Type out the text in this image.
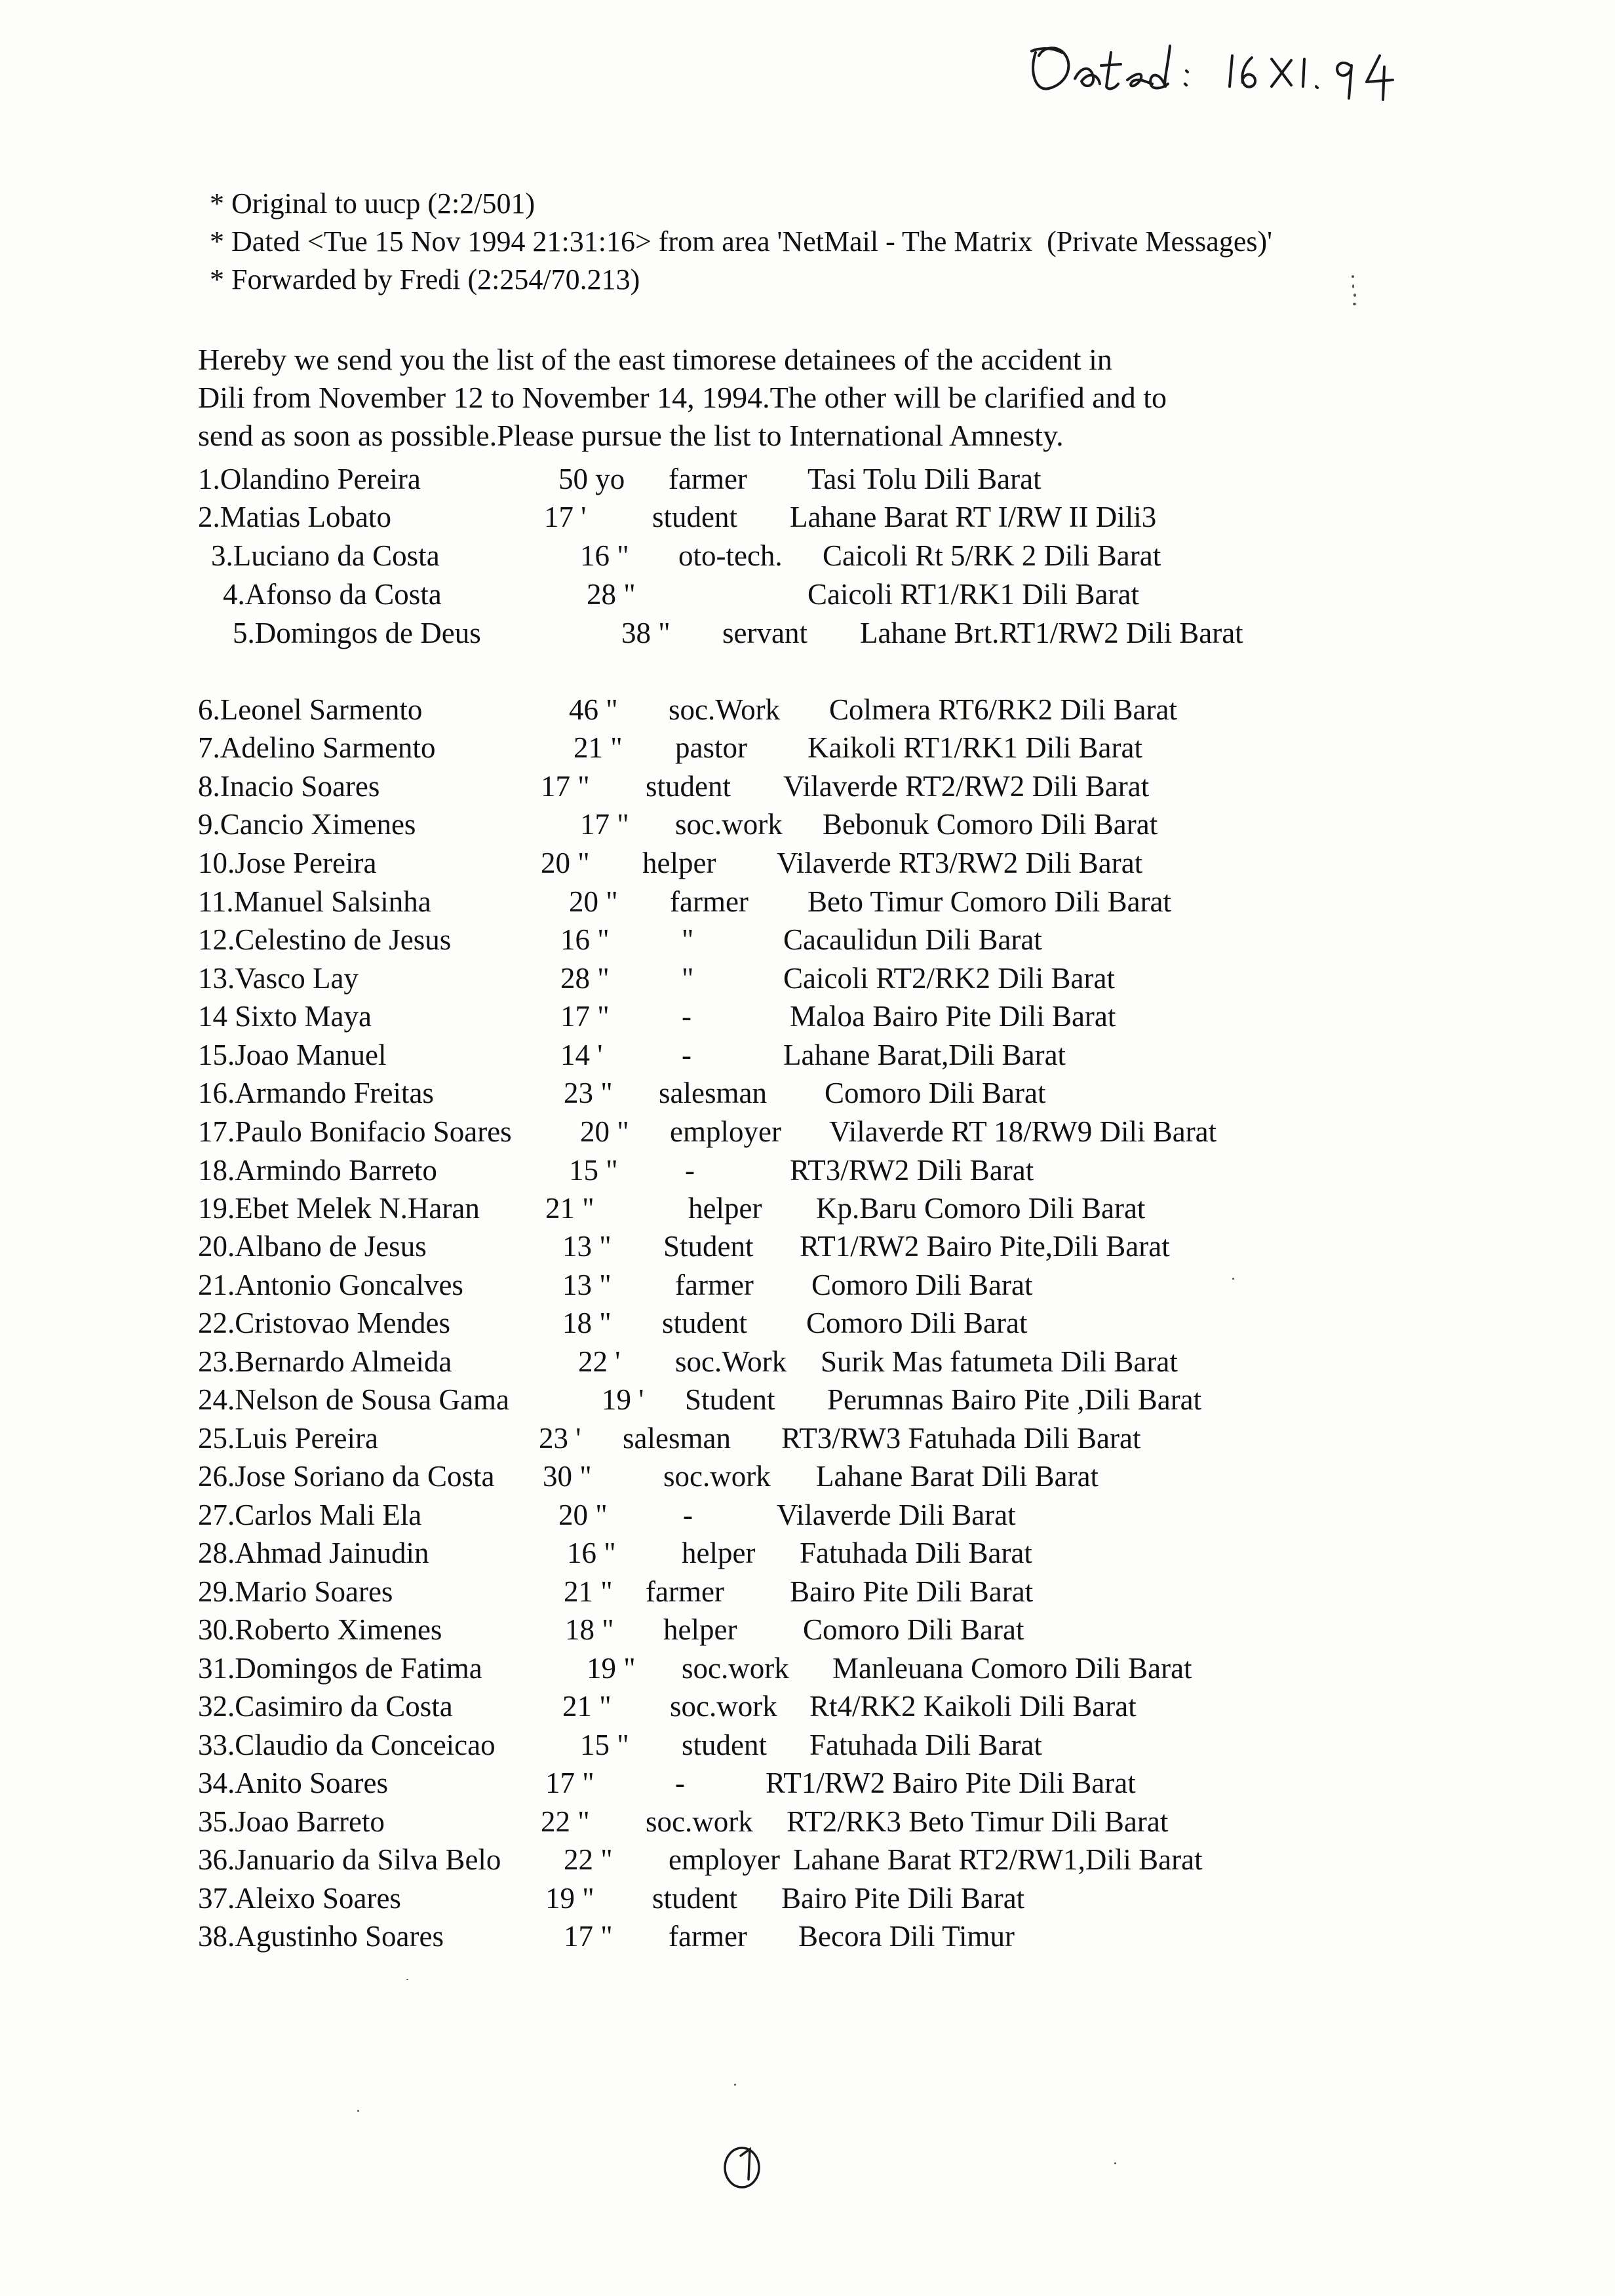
* Original to uucp (2:2/501)
* Dated <Tue 15 Nov 1994 21:31:16> from area 'NetMail - The Matrix  (Private Messages)'
* Forwarded by Fredi (2:254/70.213)
Hereby we send you the list of the east timorese detainees of the accident in
Dili from November 12 to November 14, 1994.The other will be clarified and to
send as soon as possible.Please pursue the list to International Amnesty.
1.Olandino Pereira	50 yo farmer Tasi Tolu Dili Barat
2.Matias Lobato	17 ' student Lahane Barat RT I/RW II Dili3
3.Luciano da Costa	16 " oto-tech. Caicoli Rt 5/RK 2 Dili Barat
4.Afonso da Costa	28 "	Caicoli RT1/RK1 Dili Barat
5.Domingos de Deus	38 " servant Lahane Brt.RT1/RW2 Dili Barat
6.Leonel Sarmento	46 " soc.Work Colmera RT6/RK2 Dili Barat
7.Adelino Sarmento	21 " pastor Kaikoli RT1/RK1 Dili Barat
8.Inacio Soares	17 " student Vilaverde RT2/RW2 Dili Barat
9.Cancio Ximenes	17 " soc.work Bebonuk Comoro Dili Barat
10.Jose Pereira	20 " helper Vilaverde RT3/RW2 Dili Barat
11.Manuel Salsinha	20 " farmer Beto Timur Comoro Dili Barat
12.Celestino de Jesus	16 " "	Cacaulidun Dili Barat
13.Vasco Lay	28 " "	Caicoli RT2/RK2 Dili Barat
14 Sixto Maya	17 " -	Maloa Bairo Pite Dili Barat
15.Joao Manuel	14 '	-	Lahane Barat,Dili Barat
16.Armando Freitas	23 " salesman Comoro Dili Barat
17.Paulo Bonifacio Soares 20 " employer Vilaverde RT 18/RW9 Dili Barat
18.Armindo Barreto	15 " -	RT3/RW2 Dili Barat
19.Ebet Melek N.Haran 21 "	helper Kp.Baru Comoro Dili Barat
20.Albano de Jesus	13 " Student RT1/RW2 Bairo Pite,Dili Barat
21.Antonio Goncalves	13 " farmer Comoro Dili Barat
22.Cristovao Mendes	18 " student Comoro Dili Barat
23.Bernardo Almeida	22 ' soc.Work Surik Mas fatumeta Dili Barat
24.Nelson de Sousa Gama	19 ' Student Perumnas Bairo Pite ,Dili Barat
25.Luis Pereira	23 ' salesman RT3/RW3 Fatuhada Dili Barat
26.Jose Soriano da Costa 30 " soc.work Lahane Barat Dili Barat
27.Carlos Mali Ela	20 "	-	Vilaverde Dili Barat
28.Ahmad Jainudin	16 " helper Fatuhada Dili Barat
29.Mario Soares	21 " farmer Bairo Pite Dili Barat
30.Roberto Ximenes	18 " helper Comoro Dili Barat
31.Domingos de Fatima	19 " soc.work Manleuana Comoro Dili Barat
32.Casimiro da Costa	21 " soc.work Rt4/RK2 Kaikoli Dili Barat
33.Claudio da Conceicao	15 " student Fatuhada Dili Barat
34.Anito Soares	17 "	-	RT1/RW2 Bairo Pite Dili Barat
35.Joao Barreto	22 " soc.work RT2/RK3 Beto Timur Dili Barat
36.Januario da Silva Belo 22 " employer Lahane Barat RT2/RW1,Dili Barat
37.Aleixo Soares	19 " student Bairo Pite Dili Barat
38.Agustinho Soares	17 " farmer Becora Dili Timur
